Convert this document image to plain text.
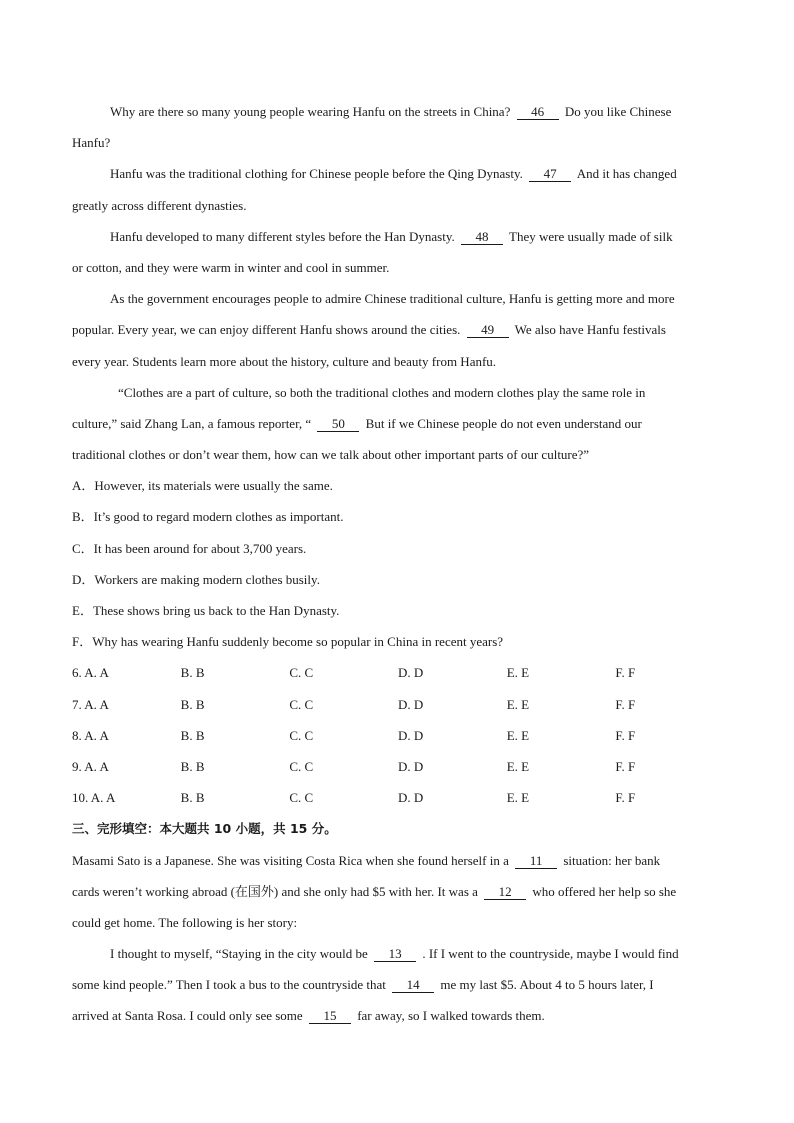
Why are there so many young people wearing Hanfu on the streets in China? 46 Do you like Chinese
Hanfu?
Hanfu was the traditional clothing for Chinese people before the Qing Dynasty. 47 And it has changed
greatly across different dynasties.
Hanfu developed to many different styles before the Han Dynasty. 48 They were usually made of silk
or cotton, and they were warm in winter and cool in summer.
As the government encourages people to admire Chinese traditional culture, Hanfu is getting more and more
popular. Every year, we can enjoy different Hanfu shows around the cities. 49 We also have Hanfu festivals
every year. Students learn more about the history, culture and beauty from Hanfu.
“Clothes are a part of culture, so both the traditional clothes and modern clothes play the same role in
culture,” said Zhang Lan, a famous reporter, “ 50 But if we Chinese people do not even understand our
traditional clothes or don’t wear them, how can we talk about other important parts of our culture?”
A．However, its materials were usually the same.
B．It’s good to regard modern clothes as important.
C．It has been around for about 3,700 years.
D．Workers are making modern clothes busily.
E．These shows bring us back to the Han Dynasty.
F．Why has wearing Hanfu suddenly become so popular in China in recent years?
6. A. A	B. B	C. C	D. D	E. E	F. F
7. A. A	B. B	C. C	D. D	E. E	F. F
8. A. A	B. B	C. C	D. D	E. E	F. F
9. A. A	B. B	C. C	D. D	E. E	F. F
10. A. A	B. B	C. C	D. D	E. E	F. F
三、完形填空：本大题共 10 小题，共 15 分。
Masami Sato is a Japanese. She was visiting Costa Rica when she found herself in a 11 situation: her bank
cards weren’t working abroad (在国外) and she only had $5 with her. It was a 12 who offered her help so she
could get home. The following is her story:
I thought to myself, “Staying in the city would be 13 . If I went to the countryside, maybe I would find
some kind people.” Then I took a bus to the countryside that 14 me my last $5. About 4 to 5 hours later, I
arrived at Santa Rosa. I could only see some 15 far away, so I walked towards them.
